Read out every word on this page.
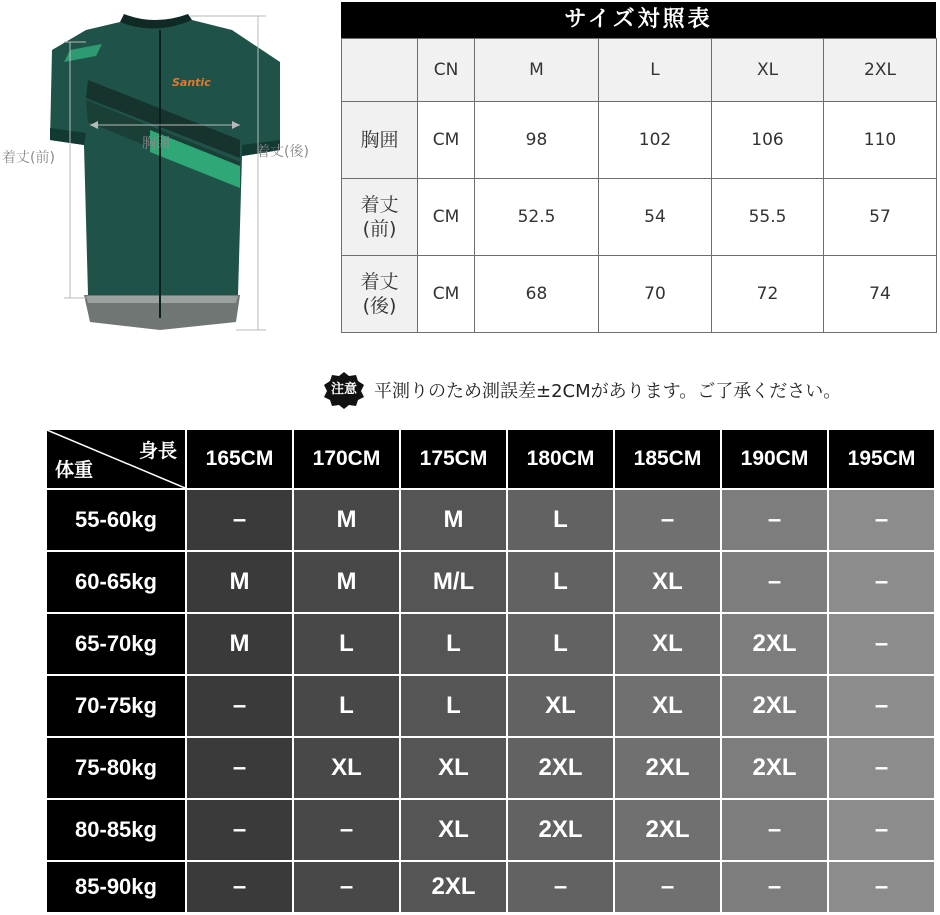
Santic
胸囲
着丈(前)	着丈(後)
サイズ対照表
	CN	M	L	XL	2XL
胸囲	CM	98	102	106	110

着丈
(前)	CM	52.5	54	55.5	57

着丈
(後)	CM	68	70	72	74
注意 平測りのため測誤差±2CMがあります。ご了承ください。
身長
体重	165CM	170CM	175CM	180CM	185CM	190CM	195CM
55-60kg	–	M	M	L	–	–	–
60-65kg	M	M	M/L	L	XL	–	–
65-70kg	M	L	L	L	XL	2XL	–
70-75kg	–	L	L	XL	XL	2XL	–
75-80kg	–	XL	XL	2XL	2XL	2XL	–
80-85kg	–	–	XL	2XL	2XL	–	–
85-90kg	–	–	2XL	–	–	–	–
